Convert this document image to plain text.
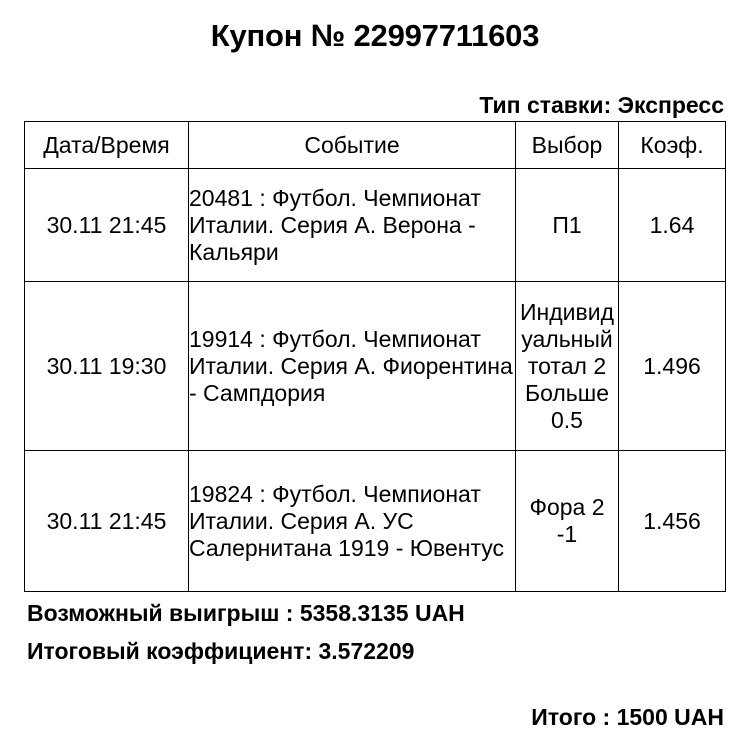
Купон № 22997711603
Тип ставки: Экспресс
Дата/Время	Событие	Выбор	Коэф.
30.11 21:45	20481 : Футбол. Чемпионат Италии. Серия А. Верона - Кальяри	П1	1.64
30.11 19:30	19914 : Футбол. Чемпионат Италии. Серия А. Фиорентина - Сампдория	Индивидуальный тотал 2 Больше 0.5	1.496
30.11 21:45	19824 : Футбол. Чемпионат Италии. Серия А. УС Салернитана 1919 - Ювентус	Фора 2 -1	1.456
Возможный выигрыш : 5358.3135 UAH
Итоговый коэффициент: 3.572209
Итого : 1500 UAH
